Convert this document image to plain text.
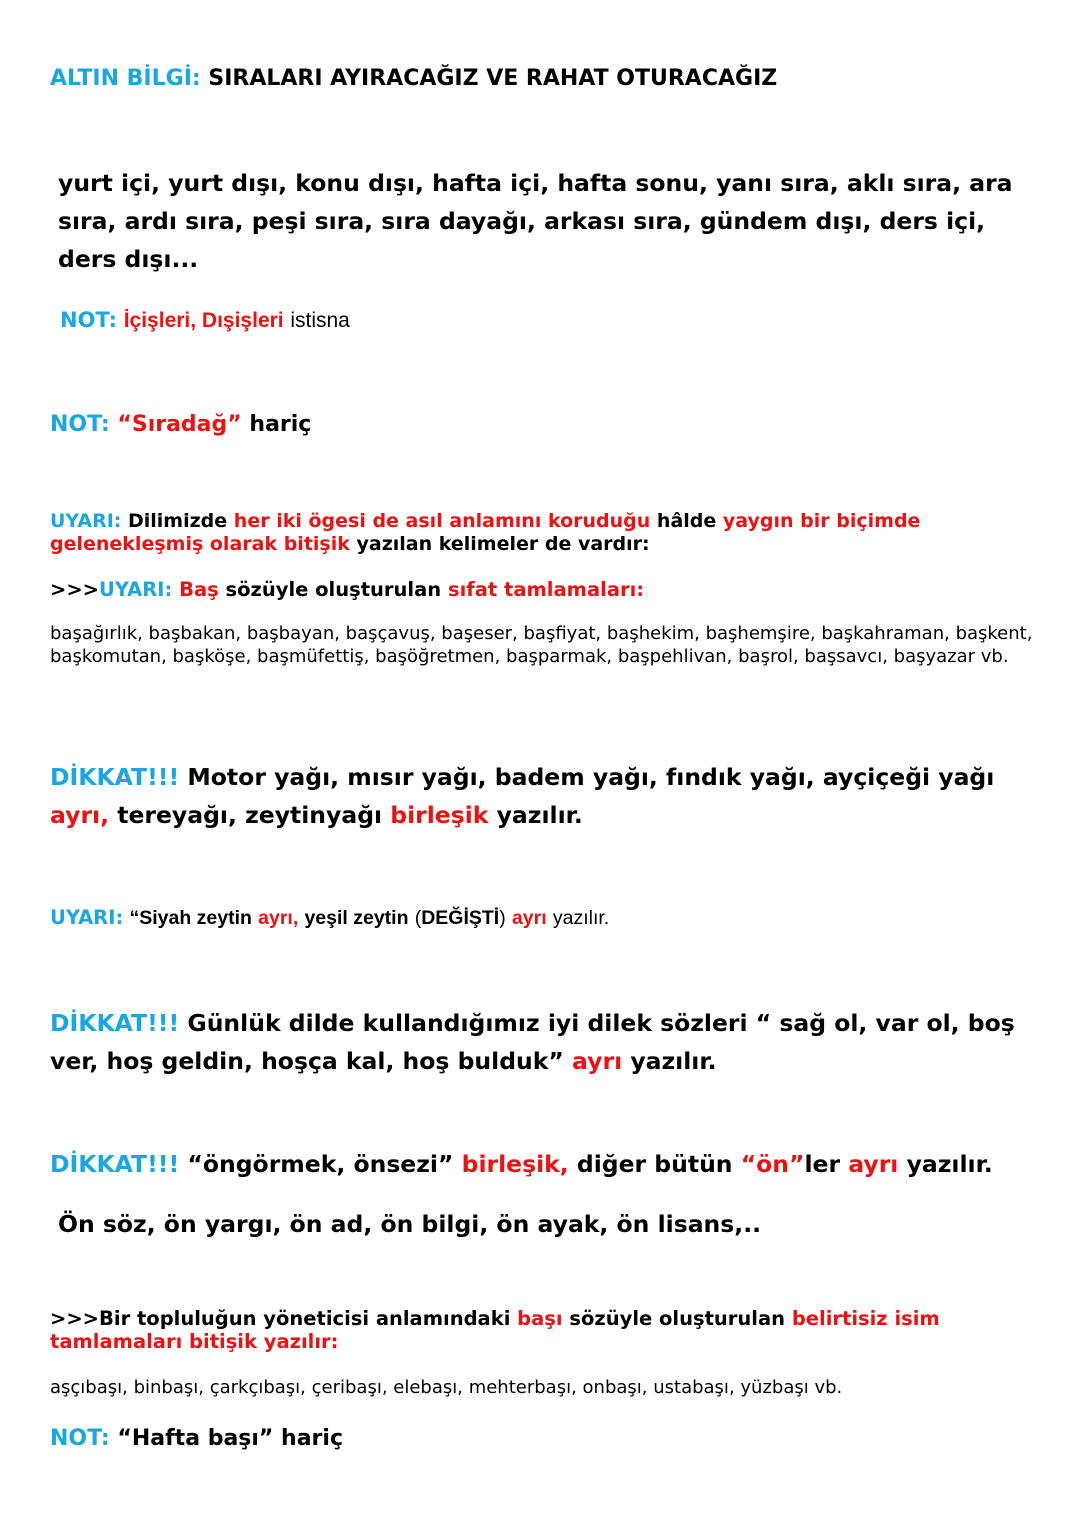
ALTIN BİLGİ: SIRALARI AYIRACAĞIZ VE RAHAT OTURACAĞIZ

yurt içi, yurt dışı, konu dışı, hafta içi, hafta sonu, yanı sıra, aklı sıra, ara sıra, ardı sıra, peşi sıra, sıra dayağı, arkası sıra, gündem dışı, ders içi, ders dışı...

NOT: İçişleri, Dışişleri istisna

NOT: “Sıradağ” hariç

UYARI: Dilimizde her iki ögesi de asıl anlamını koruduğu hâlde yaygın bir biçimde gelenekleşmiş olarak bitişik yazılan kelimeler de vardır:

>>>UYARI: Baş sözüyle oluşturulan sıfat tamlamaları:

başağırlık, başbakan, başbayan, başçavuş, başeser, başfiyat, başhekim, başhemşire, başkahraman, başkent, başkomutan, başköşe, başmüfettiş, başöğretmen, başparmak, başpehlivan, başrol, başsavcı, başyazar vb.

DİKKAT!!! Motor yağı, mısır yağı, badem yağı, fındık yağı, ayçiçeği yağı ayrı, tereyağı, zeytinyağı birleşik yazılır.

UYARI: “Siyah zeytin ayrı, yeşil zeytin (DEĞİŞTİ) ayrı yazılır.

DİKKAT!!! Günlük dilde kullandığımız iyi dilek sözleri “ sağ ol, var ol, boş ver, hoş geldin, hoşça kal, hoş bulduk” ayrı yazılır.

DİKKAT!!! “öngörmek, önsezi” birleşik, diğer bütün “ön”ler ayrı yazılır.

Ön söz, ön yargı, ön ad, ön bilgi, ön ayak, ön lisans,..

>>>Bir topluluğun yöneticisi anlamındaki başı sözüyle oluşturulan belirtisiz isim tamlamaları bitişik yazılır:

aşçıbaşı, binbaşı, çarkçıbaşı, çeribaşı, elebaşı, mehterbaşı, onbaşı, ustabaşı, yüzbaşı vb.

NOT: “Hafta başı” hariç
